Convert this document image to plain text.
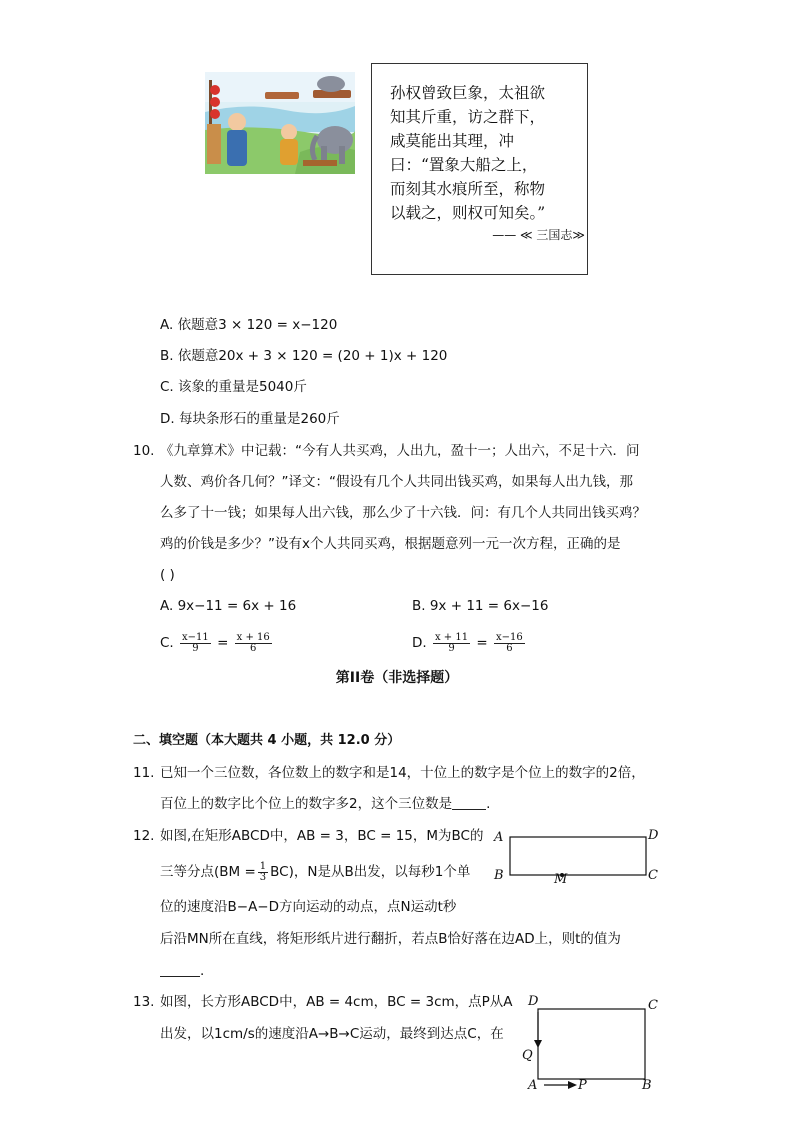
孙权曾致巨象，太祖欲
知其斤重，访之群下，
咸莫能出其理，冲
曰：“置象大船之上，
而刻其水痕所至，称物
以载之，则权可知矣。”
—— ≪ 三国志≫
A. 依题意3 × 120 = x−120
B. 依题意20x + 3 × 120 = (20 + 1)x + 120
C. 该象的重量是5040斤
D. 每块条形石的重量是260斤
10. 《九章算术》中记载：“今有人共买鸡，人出九，盈十一；人出六，不足十六．问
人数、鸡价各几何？”译文：“假设有几个人共同出钱买鸡，如果每人出九钱，那
么多了十一钱；如果每人出六钱，那么少了十六钱．问：有几个人共同出钱买鸡？
鸡的价钱是多少？”设有x个人共同买鸡，根据题意列一元一次方程，正确的是
( )
A. 9x−11 = 6x + 16	B. 9x + 11 = 6x−16
C. $\frac{x-11}{9} = \frac{x + 16}{6}$	D. $\frac{x + 11}{9} = \frac{x-16}{6}$
第II卷（非选择题）
二、填空题（本大题共 4 小题，共 12.0 分）
11. 已知一个三位数，各位数上的数字和是14，十位上的数字是个位上的数字的2倍，
百位上的数字比个位上的数字多2，这个三位数是	.
12. 如图,在矩形ABCD中，AB = 3，BC = 15，M为BC的
三等分点$(BM = \frac{1}{3} BC)$，N是从B出发，以每秒1个单
位的速度沿B−A−D方向运动的动点，点N运动t秒
后沿MN所在直线，将矩形纸片进行翻折，若点B恰好落在边AD上，则t的值为
.
A	D
B	C
M
13. 如图，长方形ABCD中，AB = 4cm，BC = 3cm，点P从A
出发，以1cm/s的速度沿A→B→C运动，最终到达点C，在
D	C
Q
A	P	B
